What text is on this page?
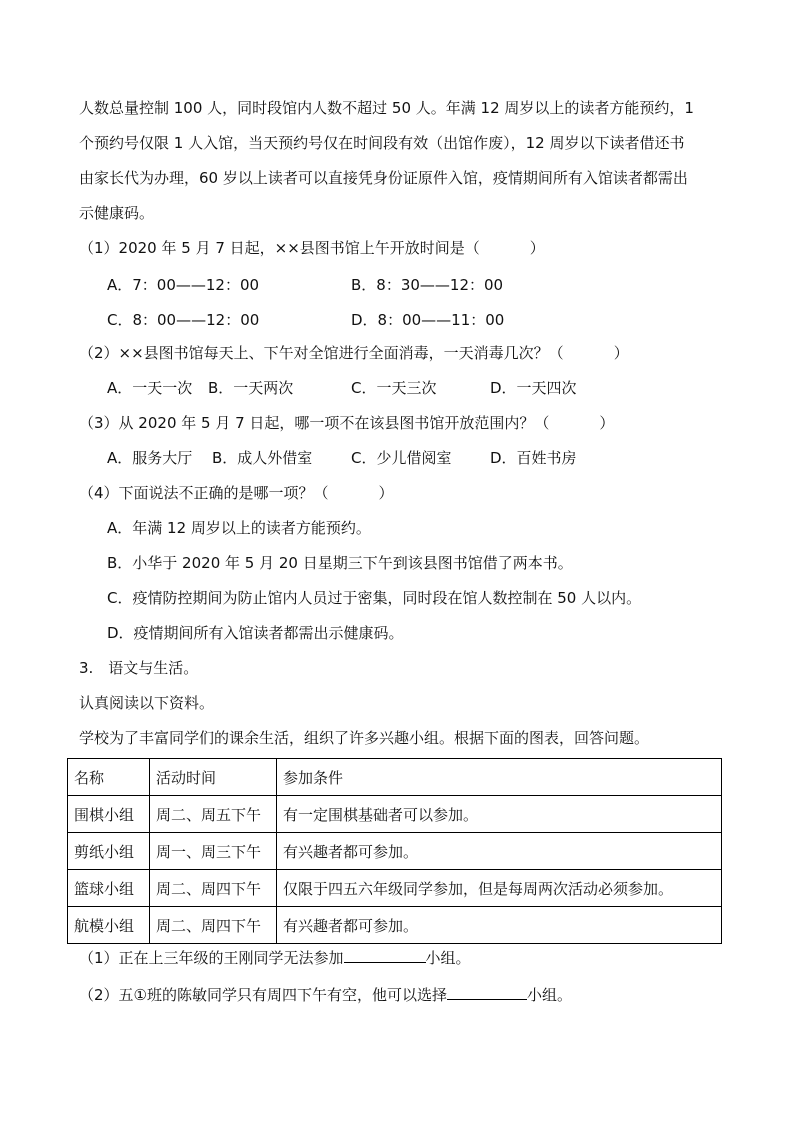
人数总量控制 100 人，同时段馆内人数不超过 50 人。年满 12 周岁以上的读者方能预约，1
个预约号仅限 1 人入馆，当天预约号仅在时间段有效（出馆作废），12 周岁以下读者借还书
由家长代为办理，60 岁以上读者可以直接凭身份证原件入馆，疫情期间所有入馆读者都需出
示健康码。
（1）2020 年 5 月 7 日起，××县图书馆上午开放时间是（	）
A．7：00——12：00	B．8：30——12：00
C．8：00——12：00	D．8：00——11：00
（2）××县图书馆每天上、下午对全馆进行全面消毒，一天消毒几次？（	）
A．一天一次 B．一天两次	C．一天三次	D．一天四次
（3）从 2020 年 5 月 7 日起，哪一项不在该县图书馆开放范围内？（	）
A．服务大厅 B．成人外借室	C．少儿借阅室	D．百姓书房
（4）下面说法不正确的是哪一项？（	）
A．年满 12 周岁以上的读者方能预约。
B．小华于 2020 年 5 月 20 日星期三下午到该县图书馆借了两本书。
C．疫情防控期间为防止馆内人员过于密集，同时段在馆人数控制在 50 人以内。
D．疫情期间所有入馆读者都需出示健康码。
3.　语文与生活。
认真阅读以下资料。
学校为了丰富同学们的课余生活，组织了许多兴趣小组。根据下面的图表，回答问题。
名称	活动时间	参加条件
围棋小组	周二、周五下午	有一定围棋基础者可以参加。
剪纸小组	周一、周三下午	有兴趣者都可参加。
篮球小组	周二、周四下午	仅限于四五六年级同学参加，但是每周两次活动必须参加。
航模小组	周二、周四下午	有兴趣者都可参加。
（1）正在上三年级的王刚同学无法参加	小组。
（2）五①班的陈敏同学只有周四下午有空，他可以选择	小组。
